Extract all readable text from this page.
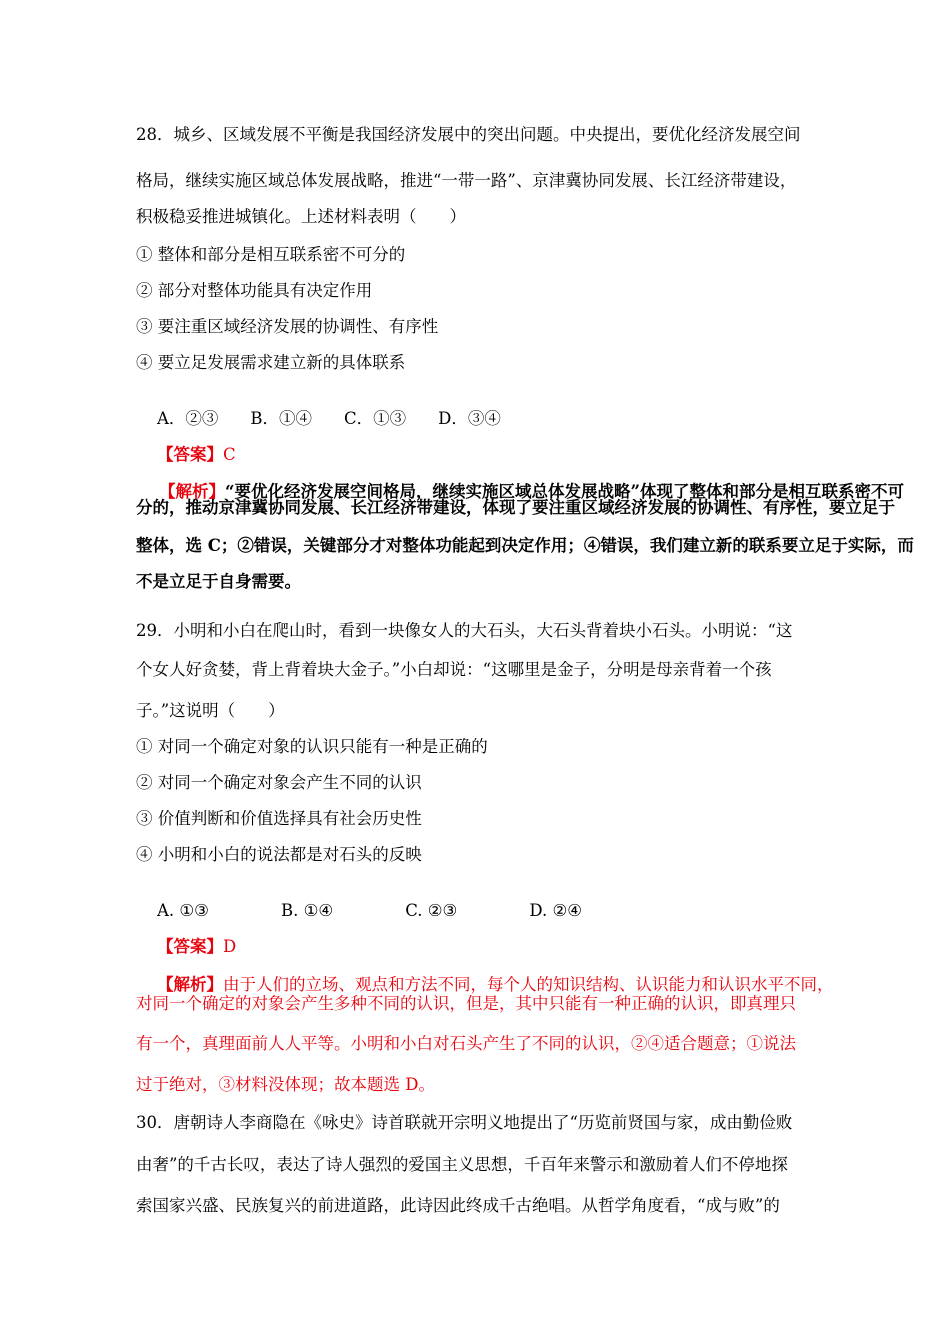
28．城乡、区域发展不平衡是我国经济发展中的突出问题。中央提出，要优化经济发展空间
格局，继续实施区域总体发展战略，推进“一带一路”、京津冀协同发展、长江经济带建设，
积极稳妥推进城镇化。上述材料表明（　　）
① 整体和部分是相互联系密不可分的
② 部分对整体功能具有决定作用
③ 要注重区域经济发展的协调性、有序性
④ 要立足发展需求建立新的具体联系

A．②③ B．①④ C．①③ D．③④

【答案】C

【解析】“要优化经济发展空间格局，继续实施区域总体发展战略”体现了整体和部分是相互联系密不可

分的，推动京津冀协同发展、长江经济带建设，体现了要注重区域经济发展的协调性、有序性，要立足于
整体，选 C；②错误，关键部分才对整体功能起到决定作用；④错误，我们建立新的联系要立足于实际，而
不是立足于自身需要。
29．小明和小白在爬山时，看到一块像女人的大石头，大石头背着块小石头。小明说：“这
个女人好贪婪，背上背着块大金子。”小白却说：“这哪里是金子，分明是母亲背着一个孩
子。”这说明（　　）
① 对同一个确定对象的认识只能有一种是正确的
② 对同一个确定对象会产生不同的认识
③ 价值判断和价值选择具有社会历史性
④ 小明和小白的说法都是对石头的反映

A. ①③	B. ①④	C. ②③	D. ②④

【答案】D

【解析】由于人们的立场、观点和方法不同，每个人的知识结构、认识能力和认识水平不同，

对同一个确定的对象会产生多种不同的认识，但是，其中只能有一种正确的认识，即真理只
有一个，真理面前人人平等。小明和小白对石头产生了不同的认识，②④适合题意；①说法
过于绝对，③材料没体现；故本题选 D。
30．唐朝诗人李商隐在《咏史》诗首联就开宗明义地提出了“历览前贤国与家，成由勤俭败
由奢”的千古长叹，表达了诗人强烈的爱国主义思想，千百年来警示和激励着人们不停地探
索国家兴盛、民族复兴的前进道路，此诗因此终成千古绝唱。从哲学角度看，“成与败”的
